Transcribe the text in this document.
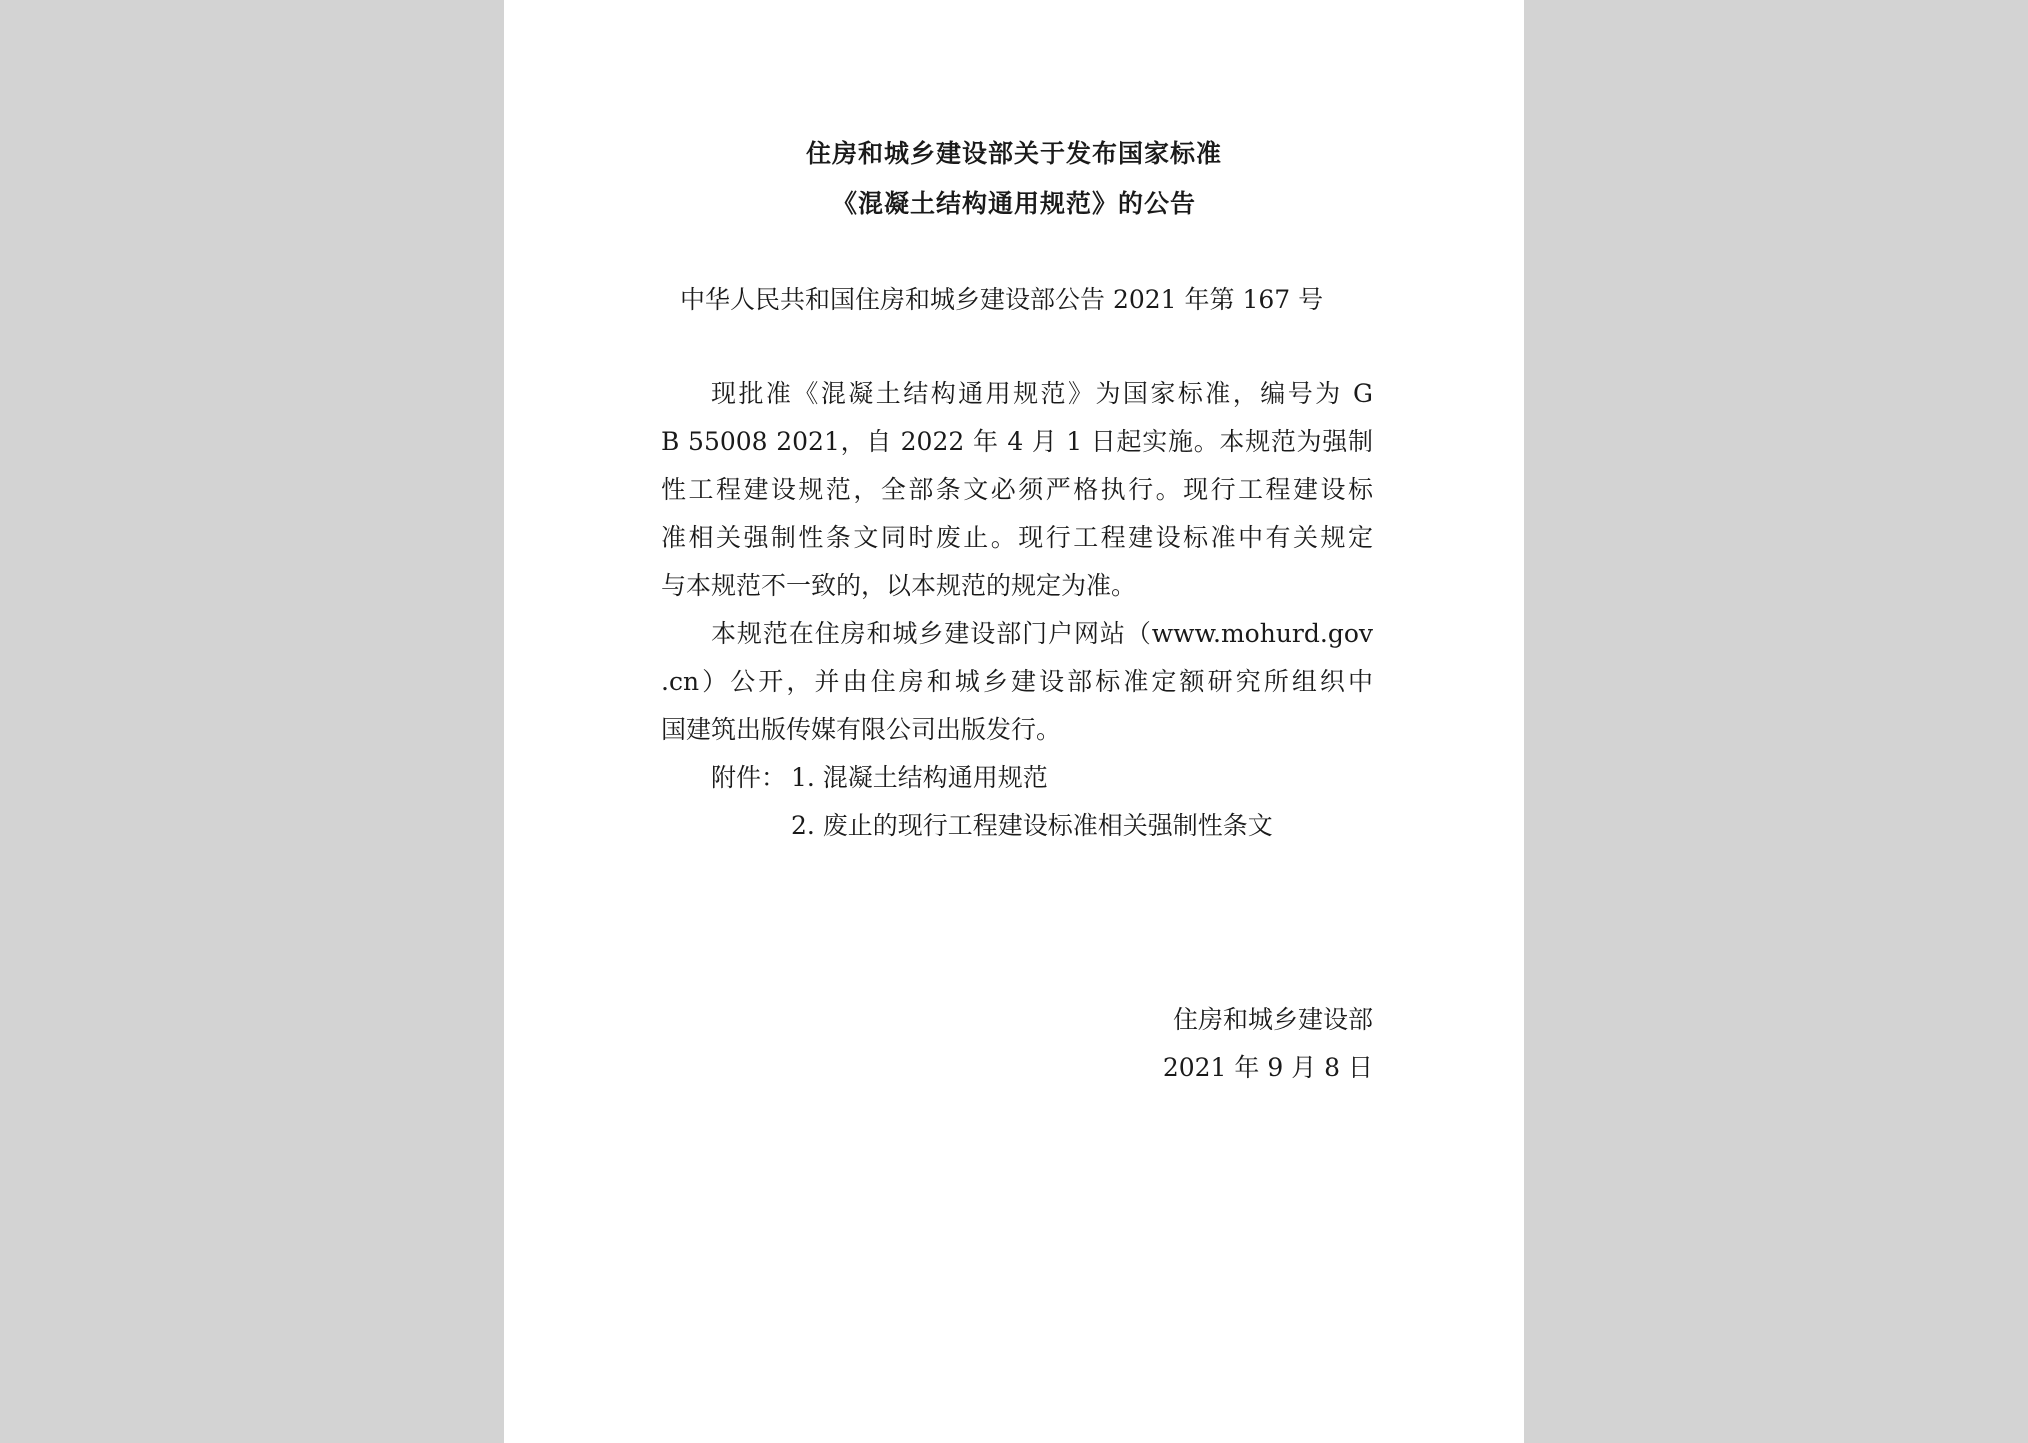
住房和城乡建设部关于发布国家标准
《混凝土结构通用规范》的公告
中华人民共和国住房和城乡建设部公告 2021 年第 167 号
现批准《混凝土结构通用规范》为国家标准，编号为 G
B 55008 2021，自 2022 年 4 月 1 日起实施。本规范为强制
性工程建设规范，全部条文必须严格执行。现行工程建设标
准相关强制性条文同时废止。现行工程建设标准中有关规定
与本规范不一致的，以本规范的规定为准。
本规范在住房和城乡建设部门户网站（www.mohurd.gov
.cn）公开，并由住房和城乡建设部标准定额研究所组织中
国建筑出版传媒有限公司出版发行。
附件： 1. 混凝土结构通用规范
2. 废止的现行工程建设标准相关强制性条文
住房和城乡建设部
2021 年 9 月 8 日
